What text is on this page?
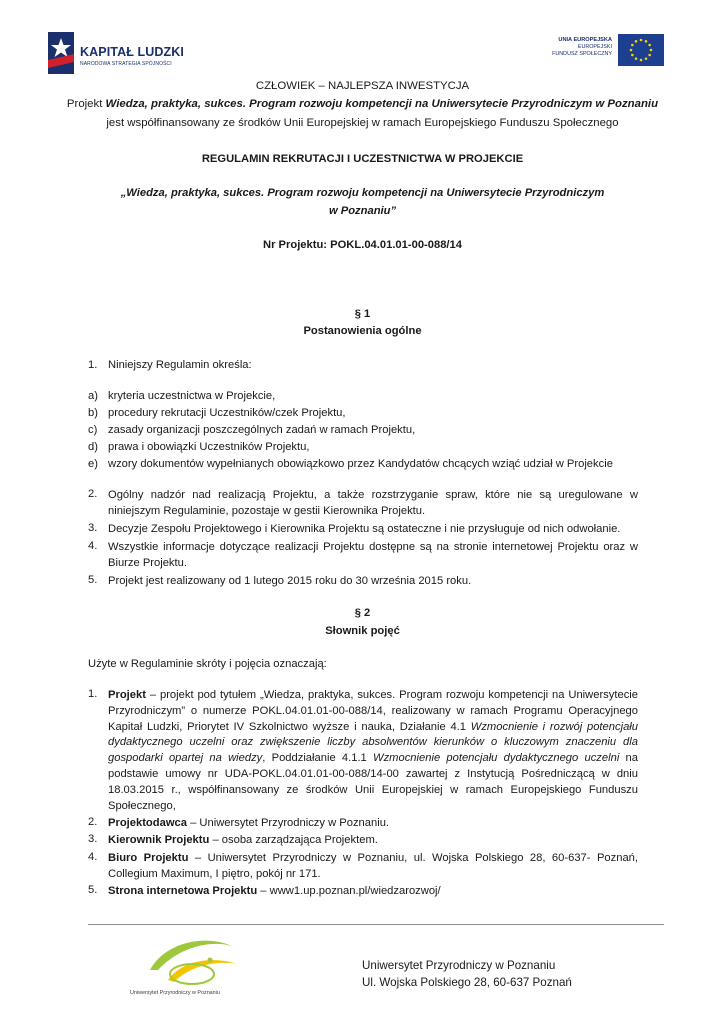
KAPITAŁ LUDZKI
NARODOWA STRATEGIA SPÓJNOŚCI
UNIA EUROPEJSKA
EUROPEJSKI
FUNDUSZ SPOŁECZNY
CZŁOWIEK – NAJLEPSZA INWESTYCJA
Projekt Wiedza, praktyka, sukces. Program rozwoju kompetencji na Uniwersytecie Przyrodniczym w Poznaniu
jest współfinansowany ze środków Unii Europejskiej w ramach Europejskiego Funduszu Społecznego
REGULAMIN REKRUTACJI I UCZESTNICTWA W PROJEKCIE
„Wiedza, praktyka, sukces. Program rozwoju kompetencji na Uniwersytecie Przyrodniczym
w Poznaniu”
Nr Projektu: POKL.04.01.01-00-088/14
§ 1
Postanowienia ogólne
1. Niniejszy Regulamin określa:
a) kryteria uczestnictwa w Projekcie,
b) procedury rekrutacji Uczestników/czek Projektu,
c) zasady organizacji poszczególnych zadań w ramach Projektu,
d) prawa i obowiązki Uczestników Projektu,
e) wzory dokumentów wypełnianych obowiązkowo przez Kandydatów chcących wziąć udział w Projekcie
2. Ogólny nadzór nad realizacją Projektu, a także rozstrzyganie spraw, które nie są uregulowane w niniejszym Regulaminie, pozostaje w gestii Kierownika Projektu.
3. Decyzje Zespołu Projektowego i Kierownika Projektu są ostateczne i nie przysługuje od nich odwołanie.
4. Wszystkie informacje dotyczące realizacji Projektu dostępne są na stronie internetowej Projektu oraz w Biurze Projektu.
5. Projekt jest realizowany od 1 lutego 2015 roku do 30 września 2015 roku.
§ 2
Słownik pojęć
Użyte w Regulaminie skróty i pojęcia oznaczają:
1. Projekt – projekt pod tytułem „Wiedza, praktyka, sukces. Program rozwoju kompetencji na Uniwersytecie Przyrodniczym” o numerze POKL.04.01.01-00-088/14, realizowany w ramach Programu Operacyjnego Kapitał Ludzki, Priorytet IV Szkolnictwo wyższe i nauka, Działanie 4.1 Wzmocnienie i rozwój potencjału dydaktycznego uczelni oraz zwiększenie liczby absolwentów kierunków o kluczowym znaczeniu dla gospodarki opartej na wiedzy, Poddziałanie 4.1.1 Wzmocnienie potencjału dydaktycznego uczelni na podstawie umowy nr UDA-POKL.04.01.01-00-088/14-00 zawartej z Instytucją Pośredniczącą w dniu 18.03.2015 r., współfinansowany ze środków Unii Europejskiej w ramach Europejskiego Funduszu Społecznego,
2. Projektodawca – Uniwersytet Przyrodniczy w Poznaniu.
3. Kierownik Projektu – osoba zarządzająca Projektem.
4. Biuro Projektu – Uniwersytet Przyrodniczy w Poznaniu, ul. Wojska Polskiego 28, 60-637- Poznań, Collegium Maximum, I piętro, pokój nr 171.
5. Strona internetowa Projektu – www1.up.poznan.pl/wiedzarozwoj/
Uniwersytet Przyrodniczy w Poznaniu
Uniwersytet Przyrodniczy w Poznaniu
Ul. Wojska Polskiego 28, 60-637 Poznań
